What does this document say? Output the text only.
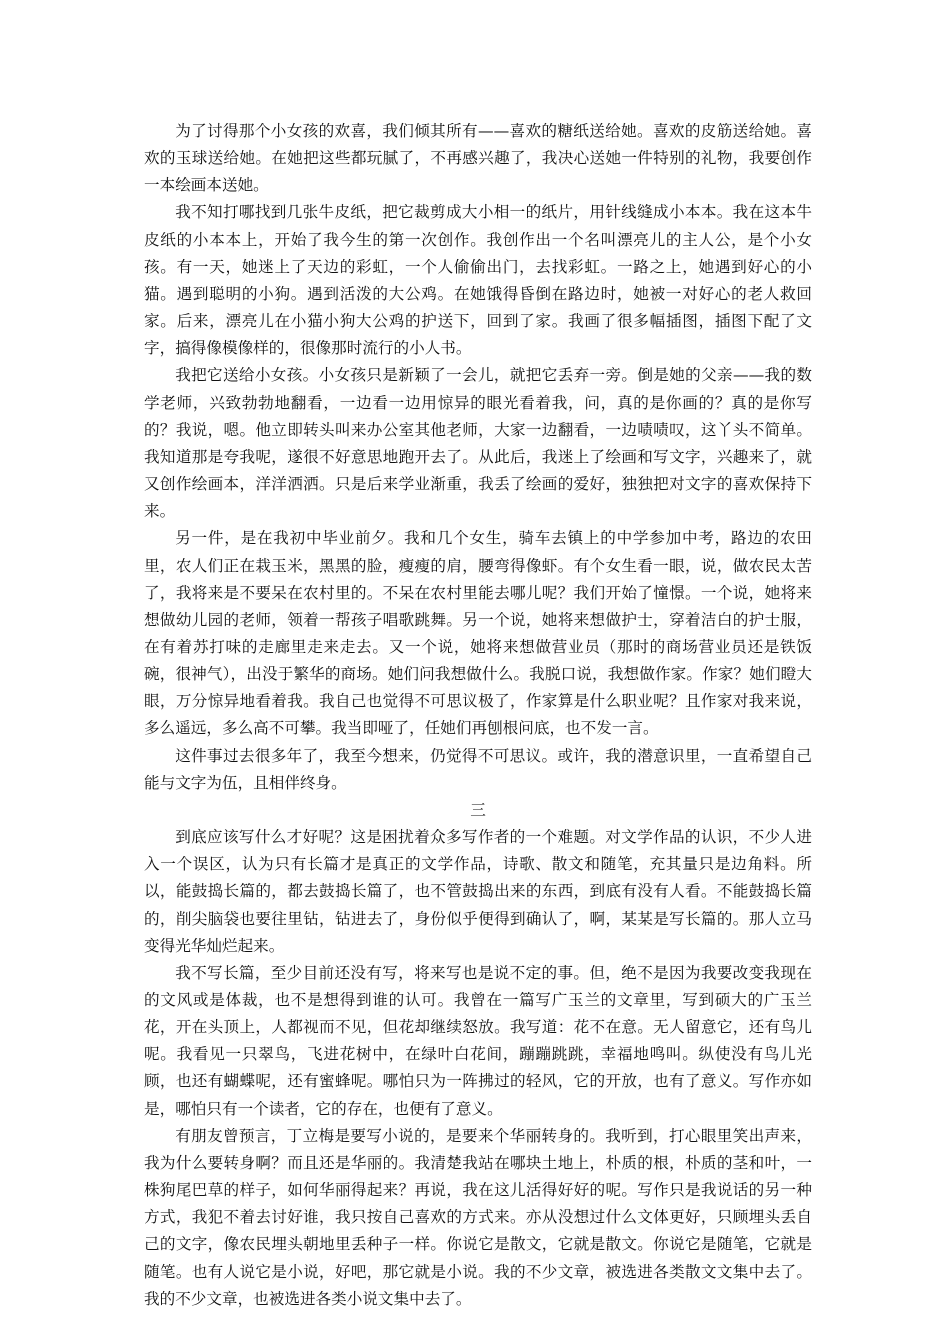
为了讨得那个小女孩的欢喜，我们倾其所有——喜欢的糖纸送给她。喜欢的皮筋送给她。喜欢的玉球送给她。在她把这些都玩腻了，不再感兴趣了，我决心送她一件特别的礼物，我要创作一本绘画本送她。

我不知打哪找到几张牛皮纸，把它裁剪成大小相一的纸片，用针线缝成小本本。我在这本牛皮纸的小本本上，开始了我今生的第一次创作。我创作出一个名叫漂亮儿的主人公，是个小女孩。有一天，她迷上了天边的彩虹，一个人偷偷出门，去找彩虹。一路之上，她遇到好心的小猫。遇到聪明的小狗。遇到活泼的大公鸡。在她饿得昏倒在路边时，她被一对好心的老人救回家。后来，漂亮儿在小猫小狗大公鸡的护送下，回到了家。我画了很多幅插图，插图下配了文字，搞得像模像样的，很像那时流行的小人书。

我把它送给小女孩。小女孩只是新颖了一会儿，就把它丢弃一旁。倒是她的父亲——我的数学老师，兴致勃勃地翻看，一边看一边用惊异的眼光看着我，问，真的是你画的？真的是你写的？我说，嗯。他立即转头叫来办公室其他老师，大家一边翻看，一边啧啧叹，这丫头不简单。我知道那是夸我呢，遂很不好意思地跑开去了。从此后，我迷上了绘画和写文字，兴趣来了，就又创作绘画本，洋洋洒洒。只是后来学业渐重，我丢了绘画的爱好，独独把对文字的喜欢保持下来。

另一件，是在我初中毕业前夕。我和几个女生，骑车去镇上的中学参加中考，路边的农田里，农人们正在栽玉米，黑黑的脸，瘦瘦的肩，腰弯得像虾。有个女生看一眼，说，做农民太苦了，我将来是不要呆在农村里的。不呆在农村里能去哪儿呢？我们开始了憧憬。一个说，她将来想做幼儿园的老师，领着一帮孩子唱歌跳舞。另一个说，她将来想做护士，穿着洁白的护士服，在有着苏打味的走廊里走来走去。又一个说，她将来想做营业员（那时的商场营业员还是铁饭碗，很神气），出没于繁华的商场。她们问我想做什么。我脱口说，我想做作家。作家？她们瞪大眼，万分惊异地看着我。我自己也觉得不可思议极了，作家算是什么职业呢？且作家对我来说，多么遥远，多么高不可攀。我当即哑了，任她们再刨根问底，也不发一言。

这件事过去很多年了，我至今想来，仍觉得不可思议。或许，我的潜意识里，一直希望自己能与文字为伍，且相伴终身。

三

到底应该写什么才好呢？这是困扰着众多写作者的一个难题。对文学作品的认识，不少人进入一个误区，认为只有长篇才是真正的文学作品，诗歌、散文和随笔，充其量只是边角料。所以，能鼓捣长篇的，都去鼓捣长篇了，也不管鼓捣出来的东西，到底有没有人看。不能鼓捣长篇的，削尖脑袋也要往里钻，钻进去了，身份似乎便得到确认了，啊，某某是写长篇的。那人立马变得光华灿烂起来。

我不写长篇，至少目前还没有写，将来写也是说不定的事。但，绝不是因为我要改变我现在的文风或是体裁，也不是想得到谁的认可。我曾在一篇写广玉兰的文章里，写到硕大的广玉兰花，开在头顶上，人都视而不见，但花却继续怒放。我写道：花不在意。无人留意它，还有鸟儿呢。我看见一只翠鸟，飞进花树中，在绿叶白花间，蹦蹦跳跳，幸福地鸣叫。纵使没有鸟儿光顾，也还有蝴蝶呢，还有蜜蜂呢。哪怕只为一阵拂过的轻风，它的开放，也有了意义。写作亦如是，哪怕只有一个读者，它的存在，也便有了意义。

有朋友曾预言，丁立梅是要写小说的，是要来个华丽转身的。我听到，打心眼里笑出声来，我为什么要转身啊？而且还是华丽的。我清楚我站在哪块土地上，朴质的根，朴质的茎和叶，一株狗尾巴草的样子，如何华丽得起来？再说，我在这儿活得好好的呢。写作只是我说话的另一种方式，我犯不着去讨好谁，我只按自己喜欢的方式来。亦从没想过什么文体更好，只顾埋头丢自己的文字，像农民埋头朝地里丢种子一样。你说它是散文，它就是散文。你说它是随笔，它就是随笔。也有人说它是小说，好吧，那它就是小说。我的不少文章，被选进各类散文文集中去了。我的不少文章，也被选进各类小说文集中去了。
